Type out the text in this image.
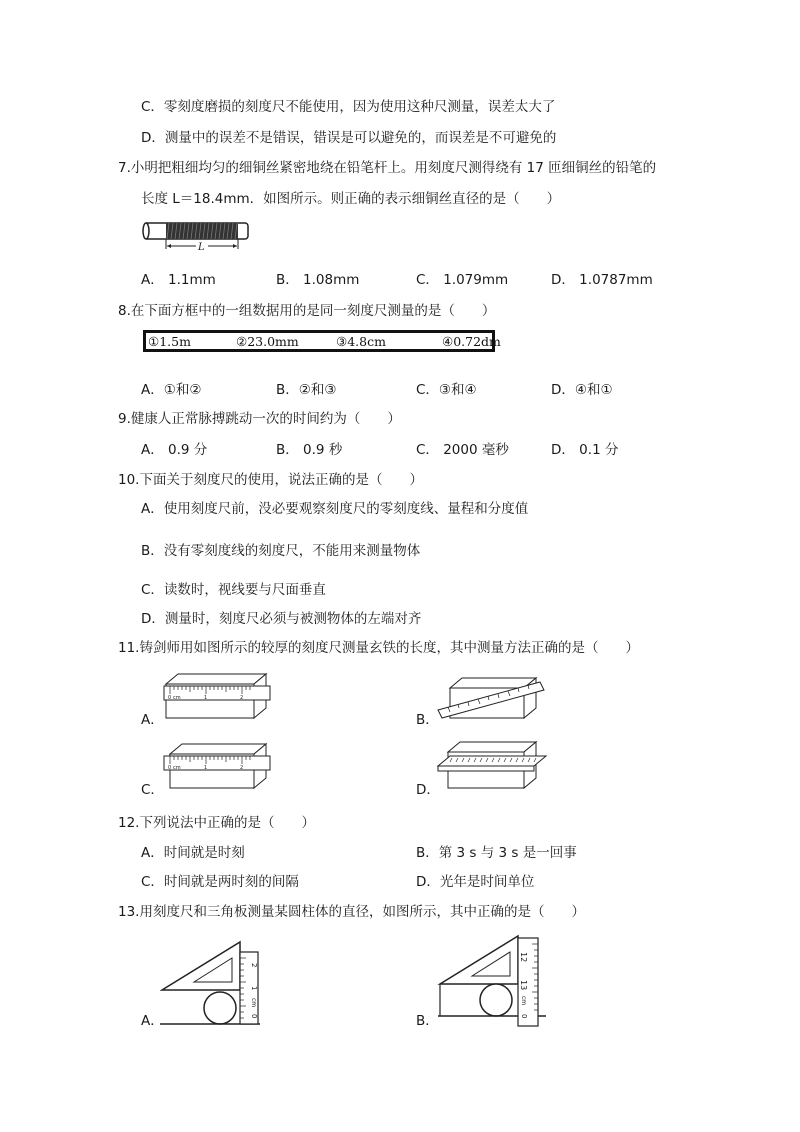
C．零刻度磨损的刻度尺不能使用，因为使用这种尺测量，误差太大了
D．测量中的误差不是错误，错误是可以避免的，而误差是不可避免的
7.小明把粗细均匀的细铜丝紧密地绕在铅笔杆上。用刻度尺测得绕有 17 匝细铜丝的铅笔的
长度 L＝18.4mm．如图所示。则正确的表示细铜丝直径的是（　　）
L
A． 1.1mm	B． 1.08mm	C． 1.079mm	D． 1.0787mm
8.在下面方框中的一组数据用的是同一刻度尺测量的是（　　）
①1.5m	②23.0mm	③4.8cm	④0.72dm
A．①和②	B．②和③	C．③和④	D．④和①
9.健康人正常脉搏跳动一次的时间约为（　　）
A． 0.9 分	B． 0.9 秒	C． 2000 毫秒	D． 0.1 分
10.下面关于刻度尺的使用，说法正确的是（　　）
A．使用刻度尺前，没必要观察刻度尺的零刻度线、量程和分度值
B．没有零刻度线的刻度尺，不能用来测量物体
C．读数时，视线要与尺面垂直
D．测量时，刻度尺必须与被测物体的左端对齐
11.铸剑师用如图所示的较厚的刻度尺测量玄铁的长度，其中测量方法正确的是（　　）
A．
0 cm	1	2
B．
C．
0 cm	1	2
D．
12.下列说法中正确的是（　　）
A．时间就是时刻	B．第 3 s 与 3 s 是一回事
C．时间就是两时刻的间隔	D．光年是时间单位
13.用刻度尺和三角板测量某圆柱体的直径，如图所示，其中正确的是（　　）
A．
2
1
cm
0	B．
12
13
cm
0
